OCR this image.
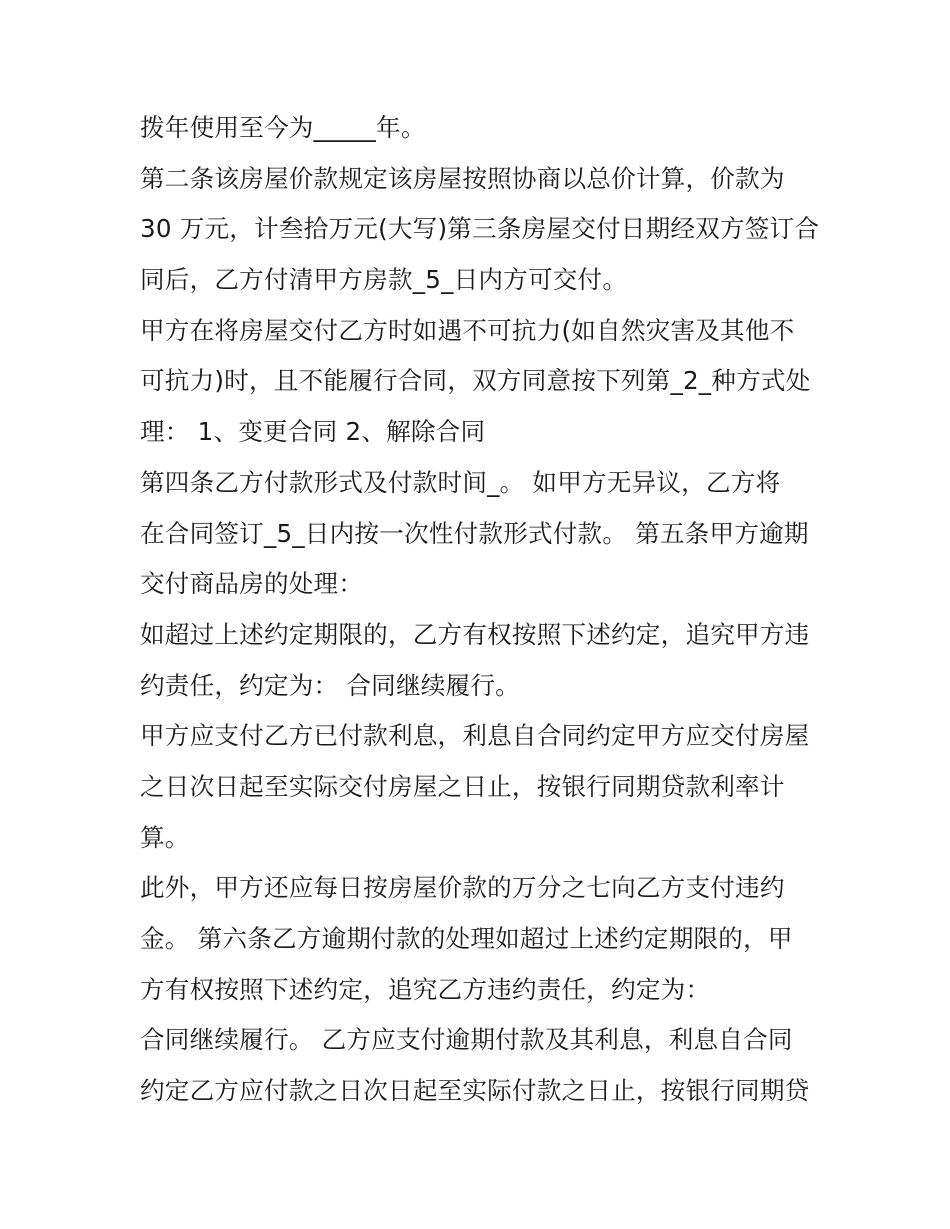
拨年使用至今为_____年。
第二条该房屋价款规定该房屋按照协商以总价计算，价款为
30 万元，计叁拾万元(大写)第三条房屋交付日期经双方签订合
同后，乙方付清甲方房款_5_日内方可交付。
甲方在将房屋交付乙方时如遇不可抗力(如自然灾害及其他不
可抗力)时，且不能履行合同，双方同意按下列第_2_种方式处
理： 1、变更合同 2、解除合同
第四条乙方付款形式及付款时间_。 如甲方无异议，乙方将
在合同签订_5_日内按一次性付款形式付款。 第五条甲方逾期
交付商品房的处理：
如超过上述约定期限的，乙方有权按照下述约定，追究甲方违
约责任，约定为： 合同继续履行。
甲方应支付乙方已付款利息，利息自合同约定甲方应交付房屋
之日次日起至实际交付房屋之日止，按银行同期贷款利率计
算。
此外，甲方还应每日按房屋价款的万分之七向乙方支付违约
金。 第六条乙方逾期付款的处理如超过上述约定期限的，甲
方有权按照下述约定，追究乙方违约责任，约定为：
合同继续履行。 乙方应支付逾期付款及其利息，利息自合同
约定乙方应付款之日次日起至实际付款之日止，按银行同期贷
